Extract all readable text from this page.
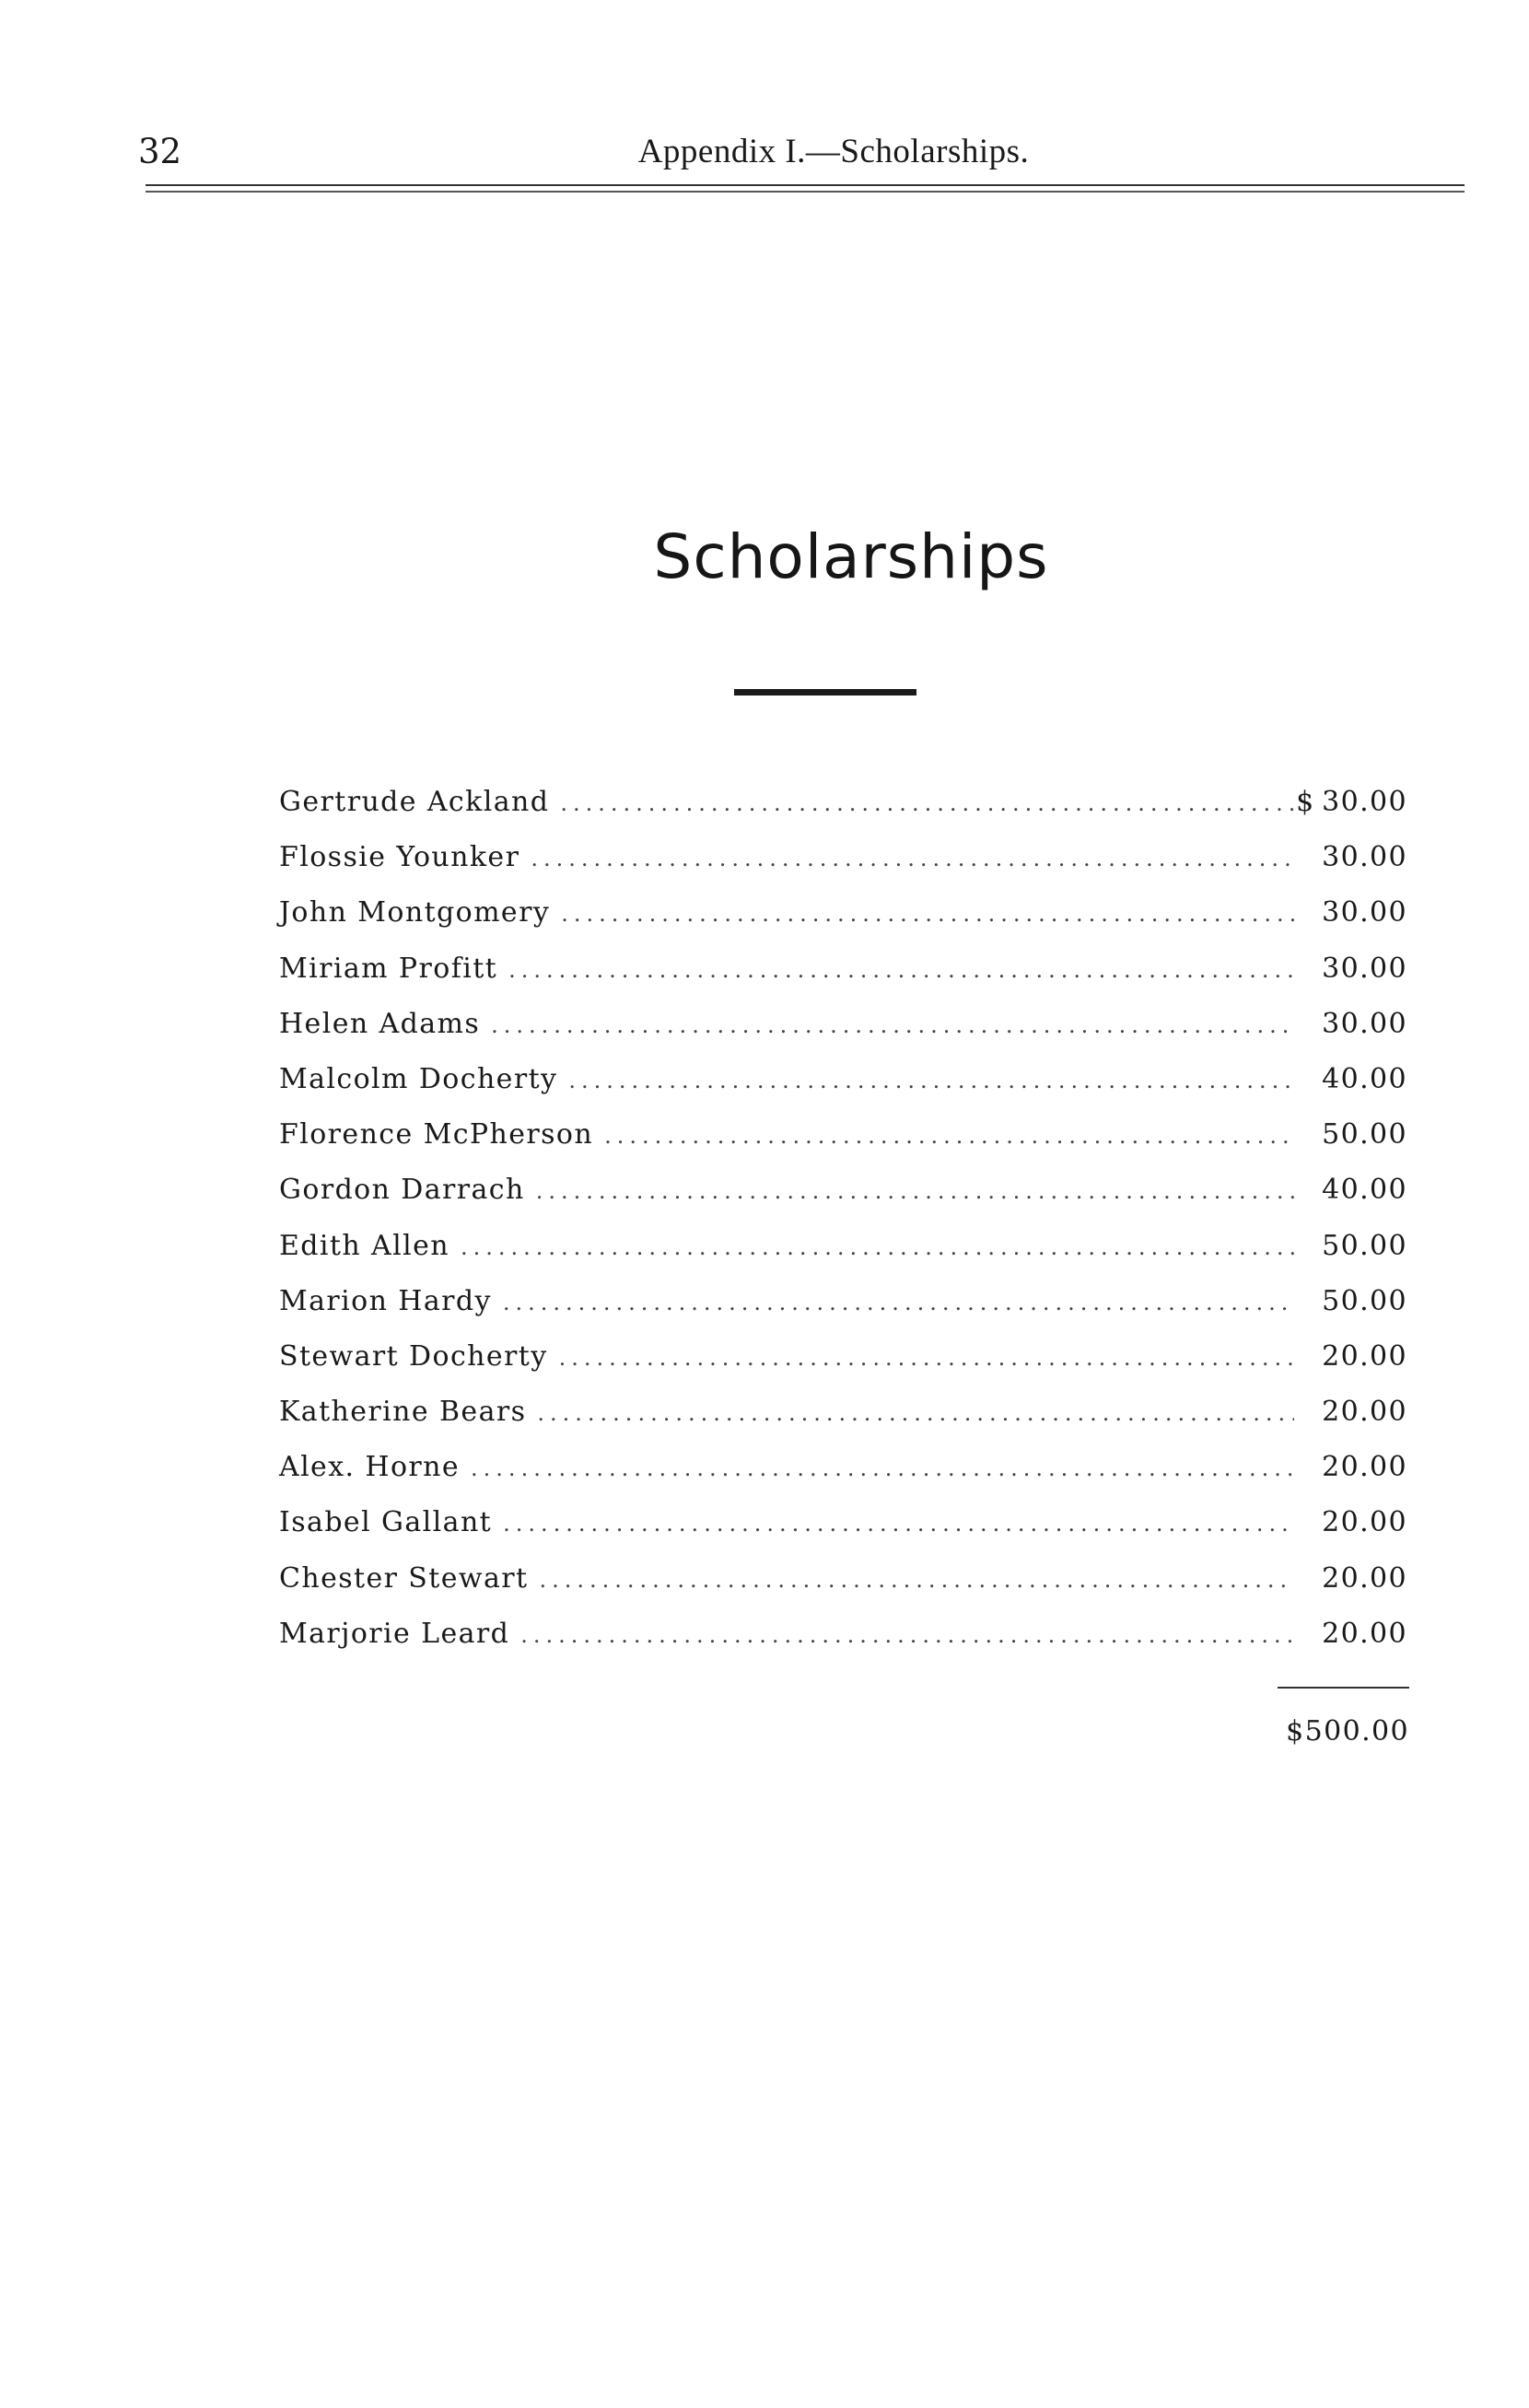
32	Appendix I.—Scholarships.
Scholarships
Gertrude Ackland .....	$ 30.00
Flossie Younker .....	30.00
John Montgomery .....	30.00
Miriam Profitt .....	30.00
Helen Adams .....	30.00
Malcolm Docherty .....	40.00
Florence McPherson .....	50.00
Gordon Darrach .....	40.00
Edith Allen .....	50.00
Marion Hardy .....	50.00
Stewart Docherty .....	20.00
Katherine Bears .....	20.00
Alex. Horne .....	20.00
Isabel Gallant .....	20.00
Chester Stewart .....	20.00
Marjorie Leard .....	20.00
$500.00
